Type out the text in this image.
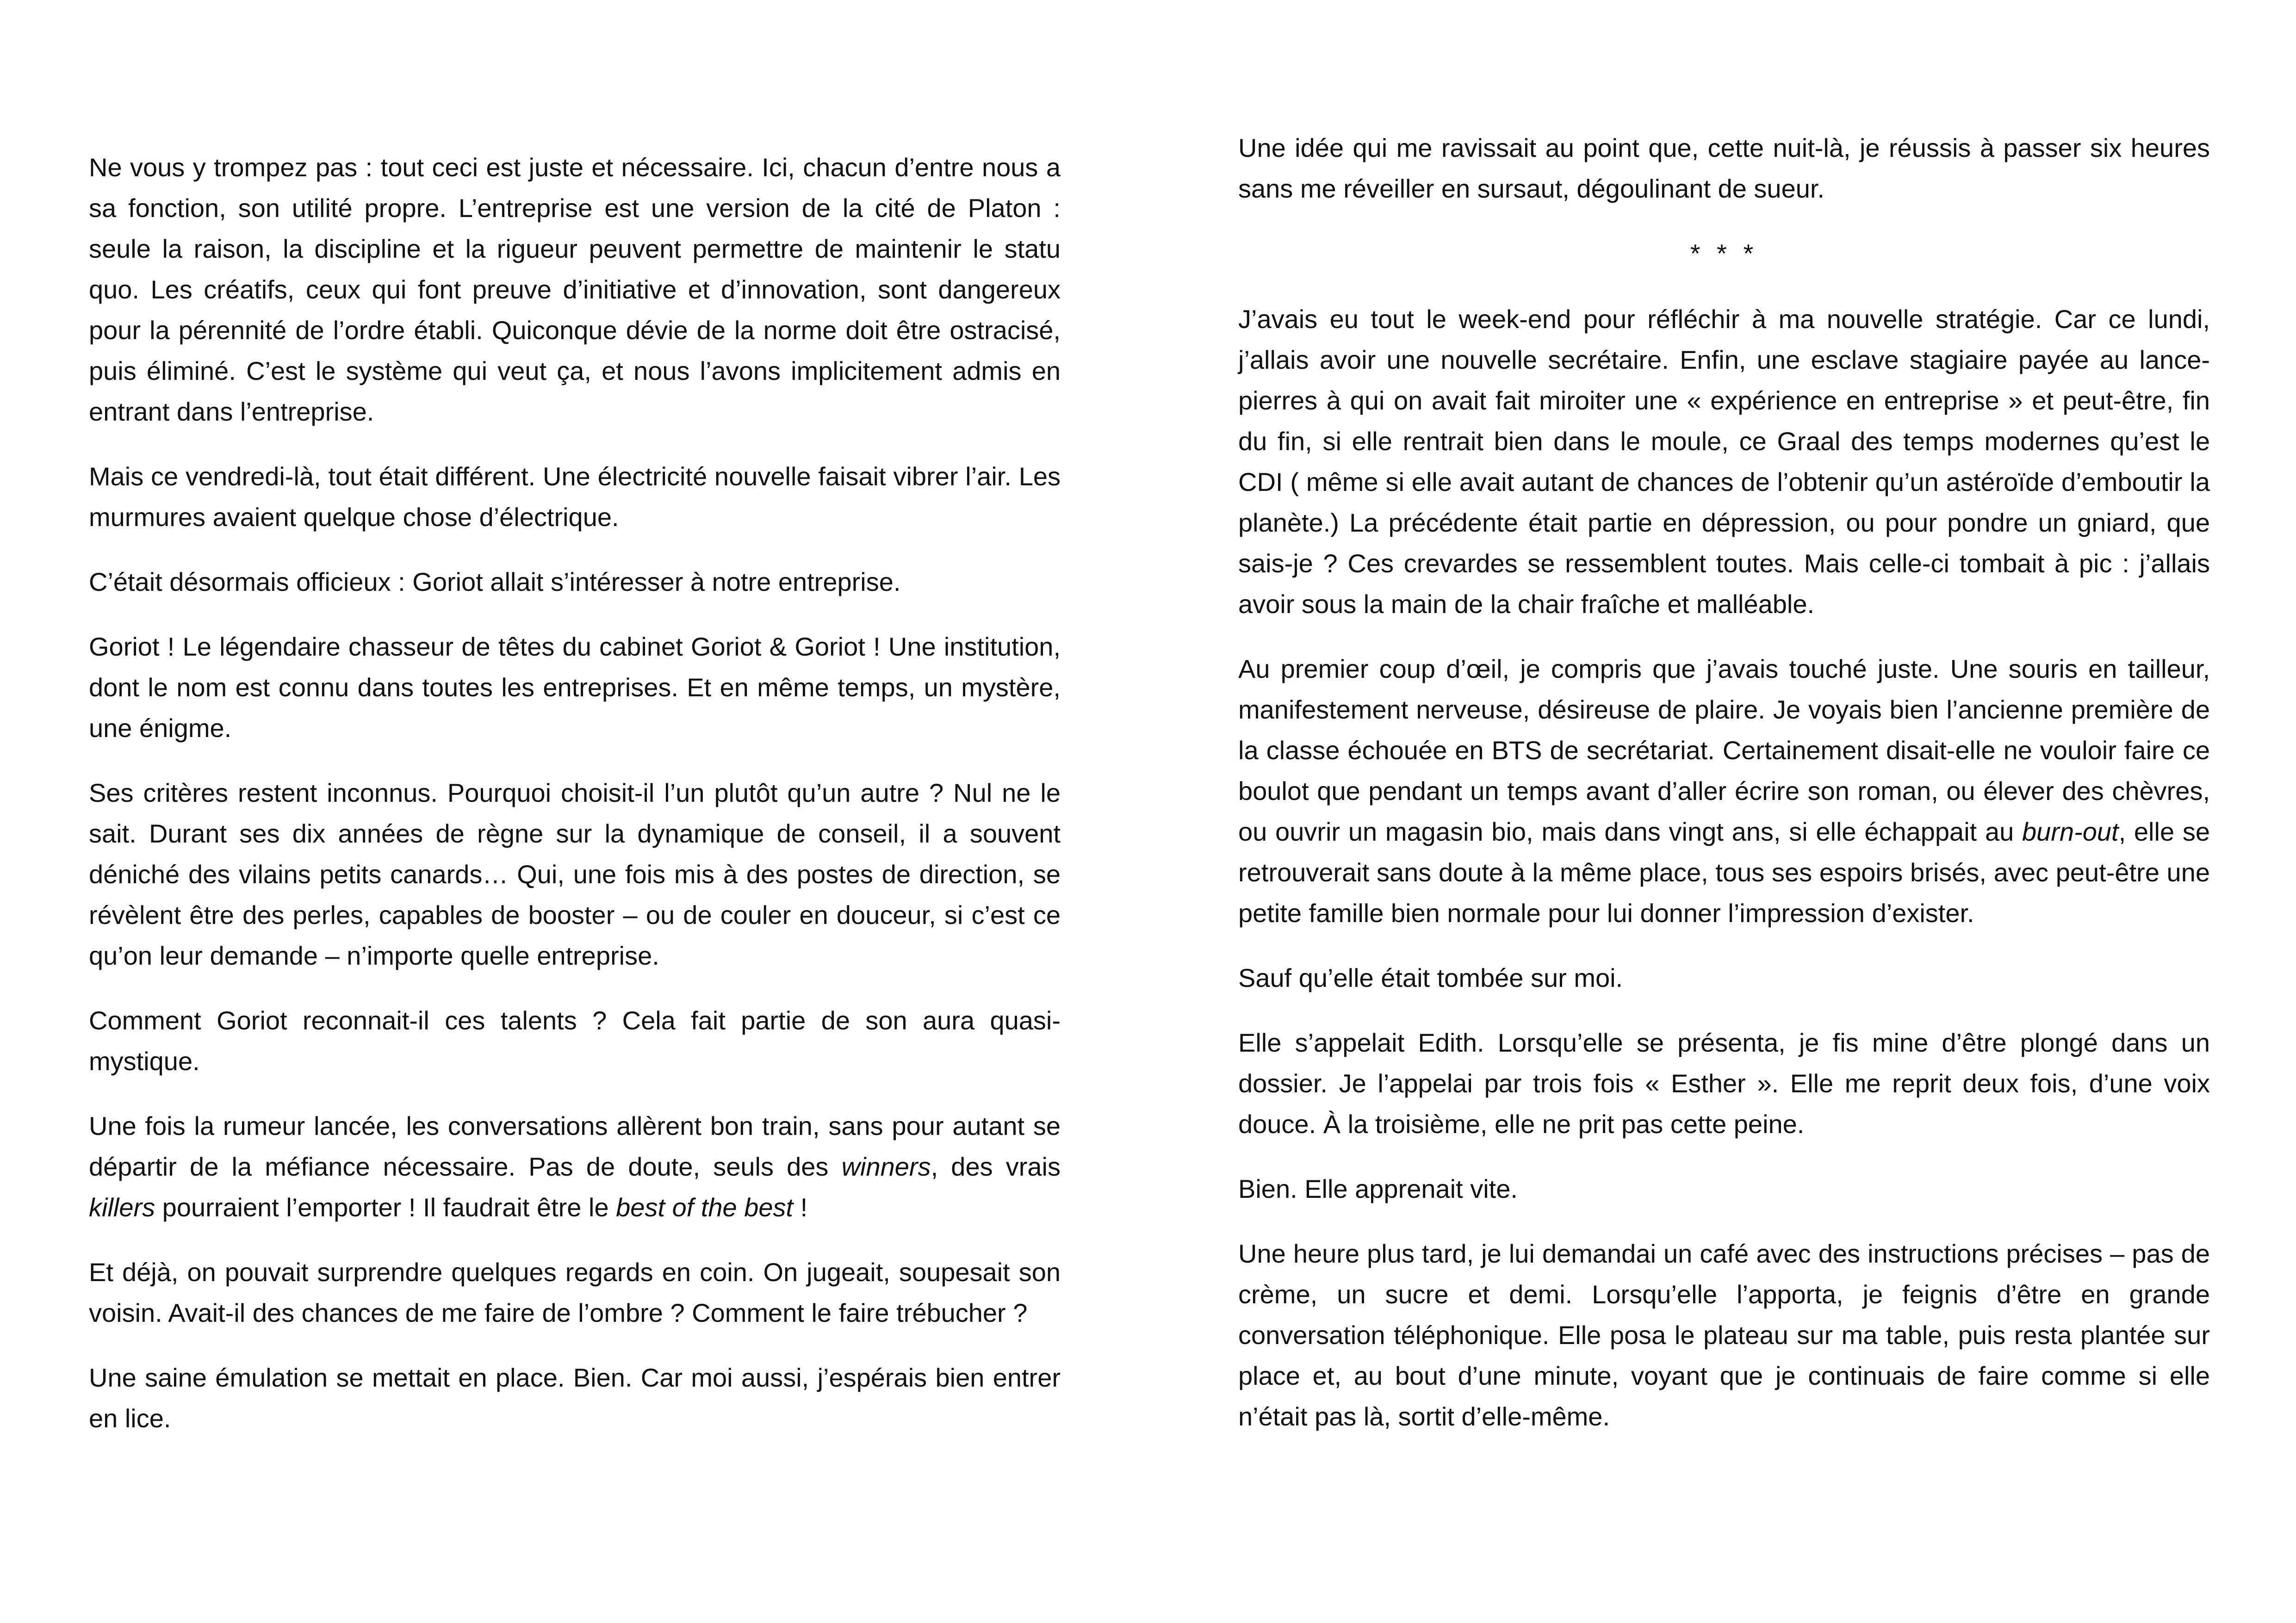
Ne vous y trompez pas : tout ceci est juste et nécessaire. Ici, chacun d’entre nous a sa fonction, son utilité propre. L’entreprise est une version de la cité de Platon : seule la raison, la discipline et la rigueur peuvent permettre de maintenir le statu quo. Les créatifs, ceux qui font preuve d’initiative et d’innovation, sont dangereux pour la pérennité de l’ordre établi. Quiconque dévie de la norme doit être ostracisé, puis éliminé. C’est le système qui veut ça, et nous l’avons implicitement admis en entrant dans l’entreprise.

Mais ce vendredi-là, tout était différent. Une électricité nouvelle faisait vibrer l’air. Les murmures avaient quelque chose d’électrique.

C’était désormais officieux : Goriot allait s’intéresser à notre entreprise.

Goriot ! Le légendaire chasseur de têtes du cabinet Goriot & Goriot ! Une institution, dont le nom est connu dans toutes les entreprises. Et en même temps, un mystère, une énigme.

Ses critères restent inconnus. Pourquoi choisit-il l’un plutôt qu’un autre ? Nul ne le sait. Durant ses dix années de règne sur la dynamique de conseil, il a souvent déniché des vilains petits canards… Qui, une fois mis à des postes de direction, se révèlent être des perles, capables de booster – ou de couler en douceur, si c’est ce qu’on leur demande – n’importe quelle entreprise.

Comment Goriot reconnait-il ces talents ? Cela fait partie de son aura quasi-mystique.

Une fois la rumeur lancée, les conversations allèrent bon train, sans pour autant se départir de la méfiance nécessaire. Pas de doute, seuls des winners, des vrais killers pourraient l’emporter ! Il faudrait être le best of the best !

Et déjà, on pouvait surprendre quelques regards en coin. On jugeait, soupesait son voisin. Avait-il des chances de me faire de l’ombre ? Comment le faire trébucher ?

Une saine émulation se mettait en place. Bien. Car moi aussi, j’espérais bien entrer en lice.

Une idée qui me ravissait au point que, cette nuit-là, je réussis à passer six heures sans me réveiller en sursaut, dégoulinant de sueur.

* * *

J’avais eu tout le week-end pour réfléchir à ma nouvelle stratégie. Car ce lundi, j’allais avoir une nouvelle secrétaire. Enfin, une esclave stagiaire payée au lance-pierres à qui on avait fait miroiter une « expérience en entreprise » et peut-être, fin du fin, si elle rentrait bien dans le moule, ce Graal des temps modernes qu’est le CDI ( même si elle avait autant de chances de l’obtenir qu’un astéroïde d’emboutir la planète.) La précédente était partie en dépression, ou pour pondre un gniard, que sais-je ? Ces crevardes se ressemblent toutes. Mais celle-ci tombait à pic : j’allais avoir sous la main de la chair fraîche et malléable.

Au premier coup d’œil, je compris que j’avais touché juste. Une souris en tailleur, manifestement nerveuse, désireuse de plaire. Je voyais bien l’ancienne première de la classe échouée en BTS de secrétariat. Certainement disait-elle ne vouloir faire ce boulot que pendant un temps avant d’aller écrire son roman, ou élever des chèvres, ou ouvrir un magasin bio, mais dans vingt ans, si elle échappait au burn-out, elle se retrouverait sans doute à la même place, tous ses espoirs brisés, avec peut-être une petite famille bien normale pour lui donner l’impression d’exister.

Sauf qu’elle était tombée sur moi.

Elle s’appelait Edith. Lorsqu’elle se présenta, je fis mine d’être plongé dans un dossier. Je l’appelai par trois fois « Esther ». Elle me reprit deux fois, d’une voix douce. À la troisième, elle ne prit pas cette peine.

Bien. Elle apprenait vite.

Une heure plus tard, je lui demandai un café avec des instructions précises – pas de crème, un sucre et demi. Lorsqu’elle l’apporta, je feignis d’être en grande conversation téléphonique. Elle posa le plateau sur ma table, puis resta plantée sur place et, au bout d’une minute, voyant que je continuais de faire comme si elle n’était pas là, sortit d’elle-même.
